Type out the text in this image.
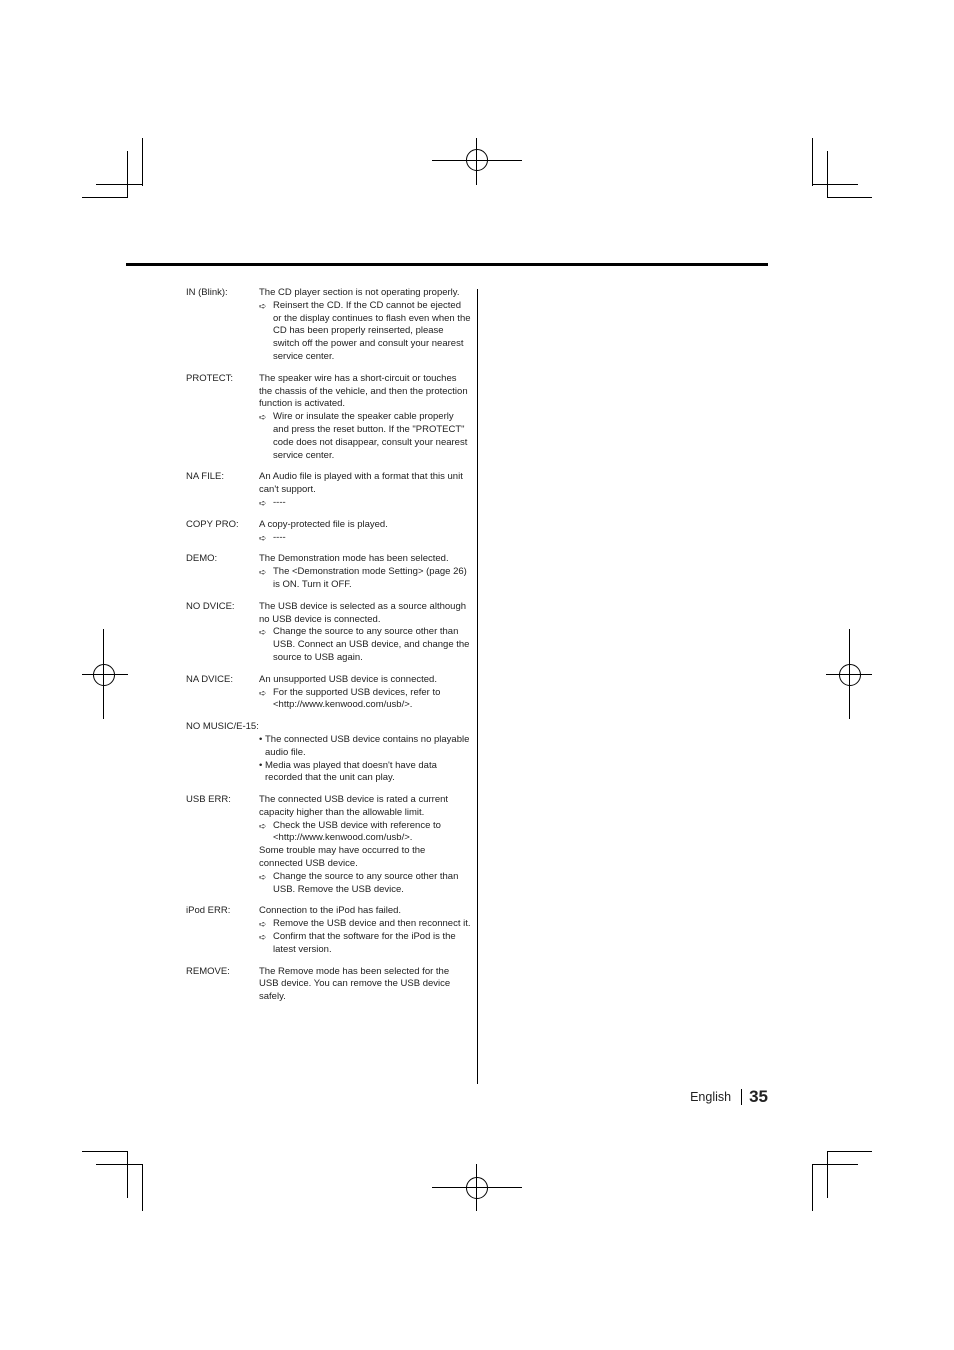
IN (Blink):	The CD player section is not operating properly.
➪ Reinsert the CD. If the CD cannot be ejected or the display continues to flash even when the CD has been properly reinserted, please switch off the power and consult your nearest service center.
PROTECT:	The speaker wire has a short-circuit or touches the chassis of the vehicle, and then the protection function is activated.
➪ Wire or insulate the speaker cable properly and press the reset button. If the "PROTECT" code does not disappear, consult your nearest service center.
NA FILE:	An Audio file is played with a format that this unit can't support.
➪ ----
COPY PRO:	A copy-protected file is played.
➪ ----
DEMO:	The Demonstration mode has been selected.
➪ The <Demonstration mode Setting> (page 26) is ON. Turn it OFF.
NO DVICE:	The USB device is selected as a source although no USB device is connected.
➪ Change the source to any source other than USB. Connect an USB device, and change the source to USB again.
NA DVICE:	An unsupported USB device is connected.
➪ For the supported USB devices, refer to <http://www.kenwood.com/usb/>.
NO MUSIC/E-15:
• The connected USB device contains no playable audio file.
• Media was played that doesn't have data recorded that the unit can play.
USB ERR:	The connected USB device is rated a current capacity higher than the allowable limit.
➪ Check the USB device with reference to <http://www.kenwood.com/usb/>.
Some trouble may have occurred to the connected USB device.
➪ Change the source to any source other than USB. Remove the USB device.
iPod ERR:	Connection to the iPod has failed.
➪ Remove the USB device and then reconnect it.
➪ Confirm that the software for the iPod is the latest version.
REMOVE:	The Remove mode has been selected for the USB device. You can remove the USB device safely.
English 35
